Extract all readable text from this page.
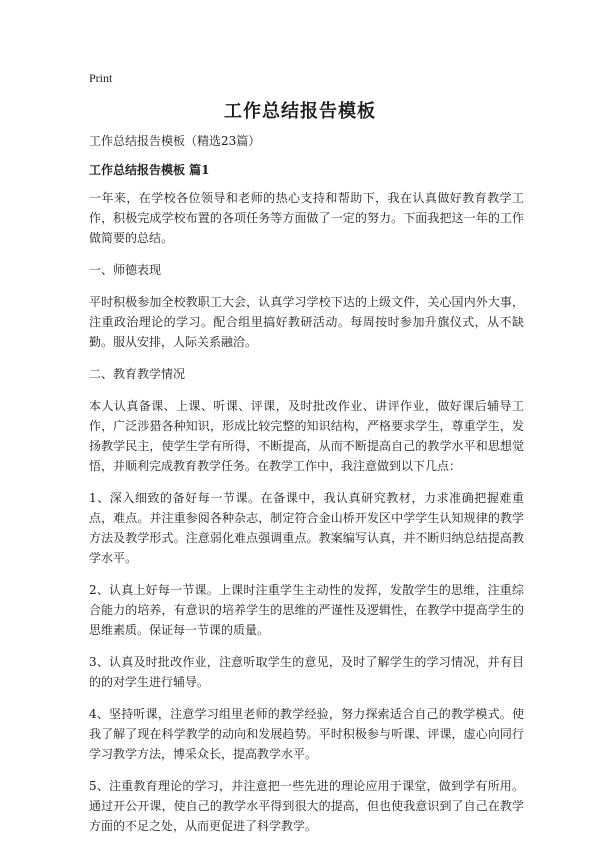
Print
工作总结报告模板

工作总结报告模板（精选23篇）

工作总结报告模板 篇1

一年来，在学校各位领导和老师的热心支持和帮助下，我在认真做好教育教学工作，积极完成学校布置的各项任务等方面做了一定的努力。下面我把这一年的工作做简要的总结。

一、师德表现

平时积极参加全校教职工大会，认真学习学校下达的上级文件，关心国内外大事，注重政治理论的学习。配合组里搞好教研活动。每周按时参加升旗仪式，从不缺勤。服从安排，人际关系融洽。

二、教育教学情况

本人认真备课、上课、听课、评课，及时批改作业、讲评作业，做好课后辅导工作，广泛涉猎各种知识，形成比较完整的知识结构，严格要求学生，尊重学生，发扬教学民主，使学生学有所得，不断提高，从而不断提高自己的教学水平和思想觉悟，并顺利完成教育教学任务。在教学工作中，我注意做到以下几点：

1、深入细致的备好每一节课。在备课中，我认真研究教材，力求准确把握难重点，难点。并注重参阅各种杂志，制定符合金山桥开发区中学学生认知规律的教学方法及教学形式。注意弱化难点强调重点。教案编写认真，并不断归纳总结提高教学水平。

2、认真上好每一节课。上课时注重学生主动性的发挥，发散学生的思维，注重综合能力的培养，有意识的培养学生的思维的严谨性及逻辑性，在教学中提高学生的思维素质。保证每一节课的质量。

3、认真及时批改作业，注意听取学生的意见，及时了解学生的学习情况，并有目的的对学生进行辅导。

4、坚持听课，注意学习组里老师的教学经验，努力探索适合自己的教学模式。使我了解了现在科学教学的动向和发展趋势。平时积极参与听课、评课，虚心向同行学习教学方法，博采众长，提高教学水平。

5、注重教育理论的学习，并注意把一些先进的理论应用于课堂，做到学有所用。通过开公开课，使自己的教学水平得到很大的提高，但也使我意识到了自己在教学方面的不足之处，从而更促进了科学教学。
